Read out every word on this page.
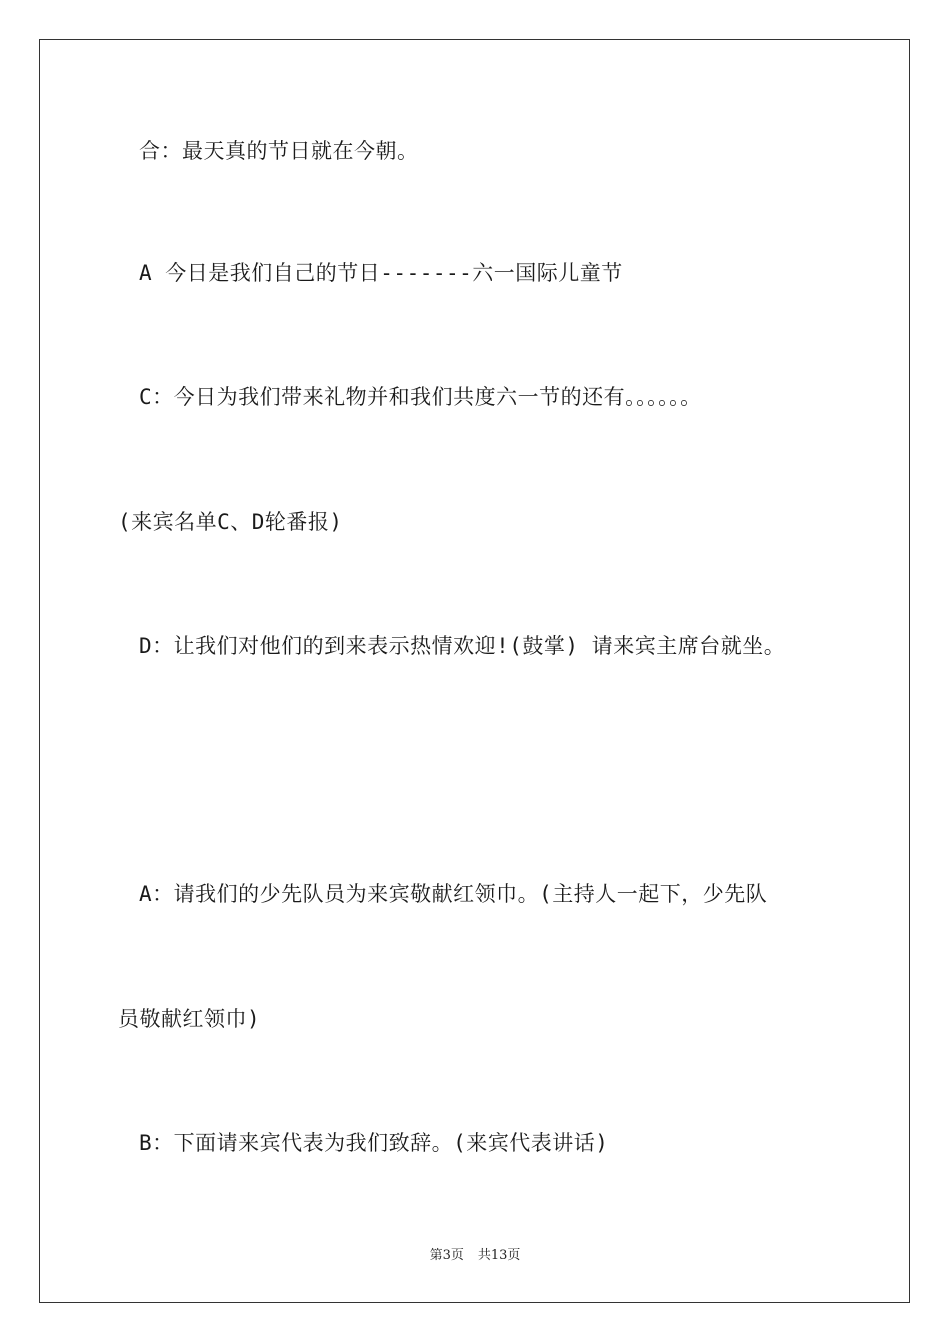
合：最天真的节日就在今朝。
A 今日是我们自己的节日-------六一国际儿童节
C：今日为我们带来礼物并和我们共度六一节的还有。。。。。。
(来宾名单C、D轮番报)
D：让我们对他们的到来表示热情欢迎!(鼓掌) 请来宾主席台就坐。
A：请我们的少先队员为来宾敬献红领巾。(主持人一起下，少先队
员敬献红领巾)
B：下面请来宾代表为我们致辞。(来宾代表讲话)
第3页 共13页
